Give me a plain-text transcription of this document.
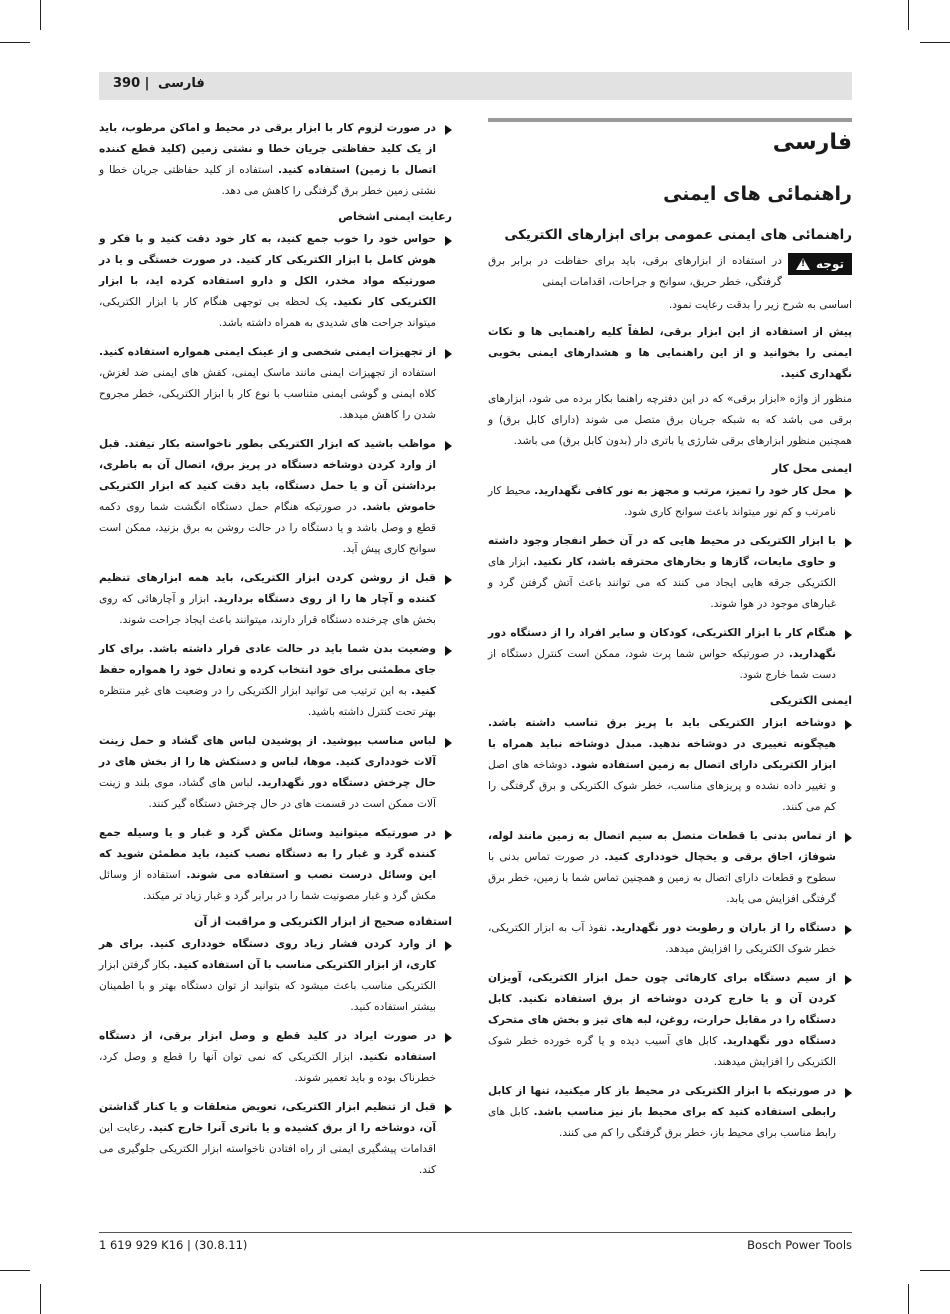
390 | فارسی
فارسی
راهنمائی های ایمنی
راهنمائی های ایمنی عمومی برای ابزارهای الکتریکی
توجه
!
در استفاده از ابزارهای برقی، باید برای حفاظت در برابر برق گرفتگی، خطر حریق، سوانح و جراحات، اقدامات ایمنی

اساسی به شرح زیر را بدقت رعایت نمود.

پیش از استفاده از این ابزار برقی، لطفاً کلیه راهنمایی ها و نکات ایمنی را بخوانید و از این راهنمایی ها و هشدارهای ایمنی بخوبی نگهداری کنید.

منظور از واژه «ابزار برقی» که در این دفترچه راهنما بکار برده می شود، ابزارهای برقی می باشد که به شبکه جریان برق متصل می شوند (دارای کابل برق) و همچنین منظور ابزارهای برقی شارژی یا باتری دار (بدون کابل برق) می باشد.

ایمنی محل کار
محل کار خود را تمیز، مرتب و مجهز به نور کافی نگهدارید. محیط کار نامرتب و کم نور میتواند باعث سوانح کاری شود.
با ابزار الکتریکی در محیط هایی که در آن خطر انفجار وجود داشته و حاوی مایعات، گازها و بخارهای محترقه باشد، کار نکنید. ابزار های الکتریکی جرقه هایی ایجاد می کنند که می توانند باعث آتش گرفتن گرد و غبارهای موجود در هوا شوند.
هنگام کار با ابزار الکتریکی، کودکان و سایر افراد را از دستگاه دور نگهدارید. در صورتیکه حواس شما پرت شود، ممکن است کنترل دستگاه از دست شما خارج شود.
ایمنی الکتریکی
دوشاخه ابزار الکتریکی باید با پریز برق تناسب داشته باشد. هیچگونه تغییری در دوشاخه ندهید. مبدل دوشاخه نباید همراه با ابزار الکتریکی دارای اتصال به زمین استفاده شود. دوشاخه های اصل و تغییر داده نشده و پریزهای مناسب، خطر شوک الکتریکی و برق گرفتگی را کم می کنند.
از تماس بدنی با قطعات متصل به سیم اتصال به زمین مانند لوله، شوفاژ، اجاق برقی و یخچال خودداری کنید. در صورت تماس بدنی با سطوح و قطعات دارای اتصال به زمین و همچنین تماس شما با زمین، خطر برق گرفتگی افزایش می یابد.
دستگاه را از باران و رطوبت دور نگهدارید. نفوذ آب به ابزار الکتریکی، خطر شوک الکتریکی را افزایش میدهد.
از سیم دستگاه برای کارهائی چون حمل ابزار الکتریکی، آویزان کردن آن و یا خارج کردن دوشاخه از برق استفاده نکنید. کابل دستگاه را در مقابل حرارت، روغن، لبه های تیز و بخش های متحرک دستگاه دور نگهدارید. کابل های آسیب دیده و یا گره خورده خطر شوک الکتریکی را افزایش میدهند.
در صورتیکه با ابزار الکتریکی در محیط باز کار میکنید، تنها از کابل رابطی استفاده کنید که برای محیط باز نیز مناسب باشد. کابل های رابط مناسب برای محیط باز، خطر برق گرفتگی را کم می کنند.
در صورت لزوم کار با ابزار برقی در محیط و اماکن مرطوب، باید از یک کلید حفاظتی جریان خطا و نشتی زمین (کلید قطع کننده اتصال با زمین) استفاده کنید. استفاده از کلید حفاظتی جریان خطا و نشتی زمین خطر برق گرفتگی را کاهش می دهد.
رعایت ایمنی اشخاص
حواس خود را خوب جمع کنید، به کار خود دقت کنید و با فکر و هوش کامل با ابزار الکتریکی کار کنید. در صورت خستگی و یا در صورتیکه مواد مخدر، الکل و دارو استفاده کرده اید، با ابزار الکتریکی کار نکنید. یک لحظه بی توجهی هنگام کار با ابزار الکتریکی، میتواند جراحت های شدیدی به همراه داشته باشد.
از تجهیزات ایمنی شخصی و از عینک ایمنی همواره استفاده کنید. استفاده از تجهیزات ایمنی مانند ماسک ایمنی، کفش های ایمنی ضد لغزش، کلاه ایمنی و گوشی ایمنی متناسب با نوع کار با ابزار الکتریکی، خطر مجروح شدن را کاهش میدهد.
مواظب باشید که ابزار الکتریکی بطور ناخواسته بکار نیفتد. قبل از وارد کردن دوشاخه دستگاه در پریز برق، اتصال آن به باطری، برداشتن آن و یا حمل دستگاه، باید دقت کنید که ابزار الکتریکی خاموش باشد. در صورتیکه هنگام حمل دستگاه انگشت شما روی دکمه قطع و وصل باشد و یا دستگاه را در حالت روشن به برق بزنید، ممکن است سوانح کاری پیش آید.
قبل از روشن کردن ابزار الکتریکی، باید همه ابزارهای تنظیم کننده و آچار ها را از روی دستگاه بردارید. ابزار و آچارهائی که روی بخش های چرخنده دستگاه قرار دارند، میتوانند باعث ایجاد جراحت شوند.
وضعیت بدن شما باید در حالت عادی قرار داشته باشد. برای کار جای مطمئنی برای خود انتخاب کرده و تعادل خود را همواره حفظ کنید. به این ترتیب می توانید ابزار الکتریکی را در وضعیت های غیر منتظره بهتر تحت کنترل داشته باشید.
لباس مناسب بپوشید. از پوشیدن لباس های گشاد و حمل زینت آلات خودداری کنید. موها، لباس و دستکش ها را از بخش های در حال چرخش دستگاه دور نگهدارید. لباس های گشاد، موی بلند و زینت آلات ممکن است در قسمت های در حال چرخش دستگاه گیر کنند.
در صورتیکه میتوانید وسائل مکش گرد و غبار و یا وسیله جمع کننده گرد و غبار را به دستگاه نصب کنید، باید مطمئن شوید که این وسائل درست نصب و استفاده می شوند. استفاده از وسائل مکش گرد و غبار مصونیت شما را در برابر گرد و غبار زیاد تر میکند.
استفاده صحیح از ابزار الکتریکی و مراقبت از آن
از وارد کردن فشار زیاد روی دستگاه خودداری کنید. برای هر کاری، از ابزار الکتریکی مناسب با آن استفاده کنید. بکار گرفتن ابزار الکتریکی مناسب باعث میشود که بتوانید از توان دستگاه بهتر و با اطمینان بیشتر استفاده کنید.
در صورت ایراد در کلید قطع و وصل ابزار برقی، از دستگاه استفاده نکنید. ابزار الکتریکی که نمی توان آنها را قطع و وصل کرد، خطرناک بوده و باید تعمیر شوند.
قبل از تنظیم ابزار الکتریکی، تعویض متعلقات و یا کنار گذاشتن آن، دوشاخه را از برق کشیده و یا باتری آنرا خارج کنید. رعایت این اقدامات پیشگیری ایمنی از راه افتادن ناخواسته ابزار الکتریکی جلوگیری می کند.
1 619 929 K16 | (30.8.11)	Bosch Power Tools
